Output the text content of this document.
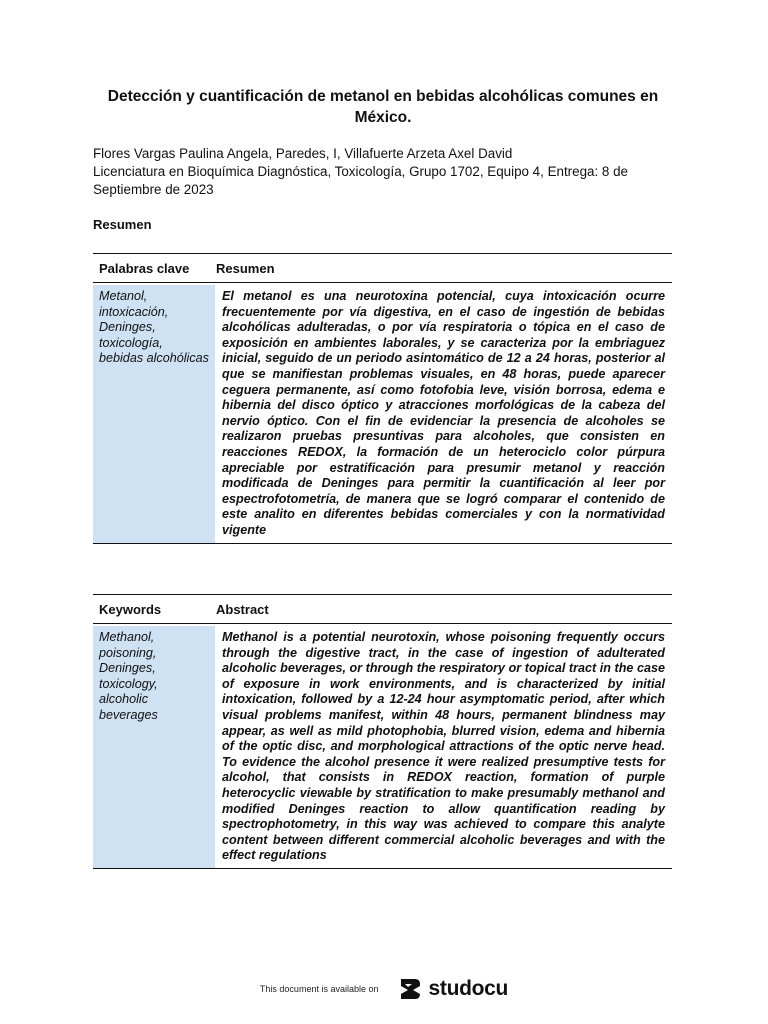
Detección y cuantificación de metanol en bebidas alcohólicas comunes en México.
Flores Vargas Paulina Angela, Paredes, I, Villafuerte Arzeta Axel David
Licenciatura en Bioquímica Diagnóstica, Toxicología, Grupo 1702, Equipo 4, Entrega: 8 de Septiembre de 2023
Resumen
Palabras clave	Resumen
Metanol, intoxicación, Deninges, toxicología, bebidas alcohólicas
El metanol es una neurotoxina potencial, cuya intoxicación ocurre frecuentemente por vía digestiva, en el caso de ingestión de bebidas alcohólicas adulteradas, o por vía respiratoria o tópica en el caso de exposición en ambientes laborales, y se caracteriza por la embriaguez inicial, seguido de un periodo asintomático de 12 a 24 horas, posterior al que se manifiestan problemas visuales, en 48 horas, puede aparecer ceguera permanente, así como fotofobia leve, visión borrosa, edema e hibernia del disco óptico y atracciones morfológicas de la cabeza del nervio óptico. Con el fin de evidenciar la presencia de alcoholes se realizaron pruebas presuntivas para alcoholes, que consisten en reacciones REDOX, la formación de un heterociclo color púrpura apreciable por estratificación para presumir metanol y reacción modificada de Deninges para permitir la cuantificación al leer por espectrofotometría, de manera que se logró comparar el contenido de este analito en diferentes bebidas comerciales y con la normatividad vigente
Keywords	Abstract
Methanol, poisoning, Deninges, toxicology, alcoholic beverages
Methanol is a potential neurotoxin, whose poisoning frequently occurs through the digestive tract, in the case of ingestion of adulterated alcoholic beverages, or through the respiratory or topical tract in the case of exposure in work environments, and is characterized by initial intoxication, followed by a 12-24 hour asymptomatic period, after which visual problems manifest, within 48 hours, permanent blindness may appear, as well as mild photophobia, blurred vision, edema and hibernia of the optic disc, and morphological attractions of the optic nerve head. To evidence the alcohol presence it were realized presumptive tests for alcohol, that consists in REDOX reaction, formation of purple heterocyclic viewable by stratification to make presumably methanol and modified Deninges reaction to allow quantification reading by spectrophotometry, in this way was achieved to compare this analyte content between different commercial alcoholic beverages and with the effect regulations
This document is available on studocu
